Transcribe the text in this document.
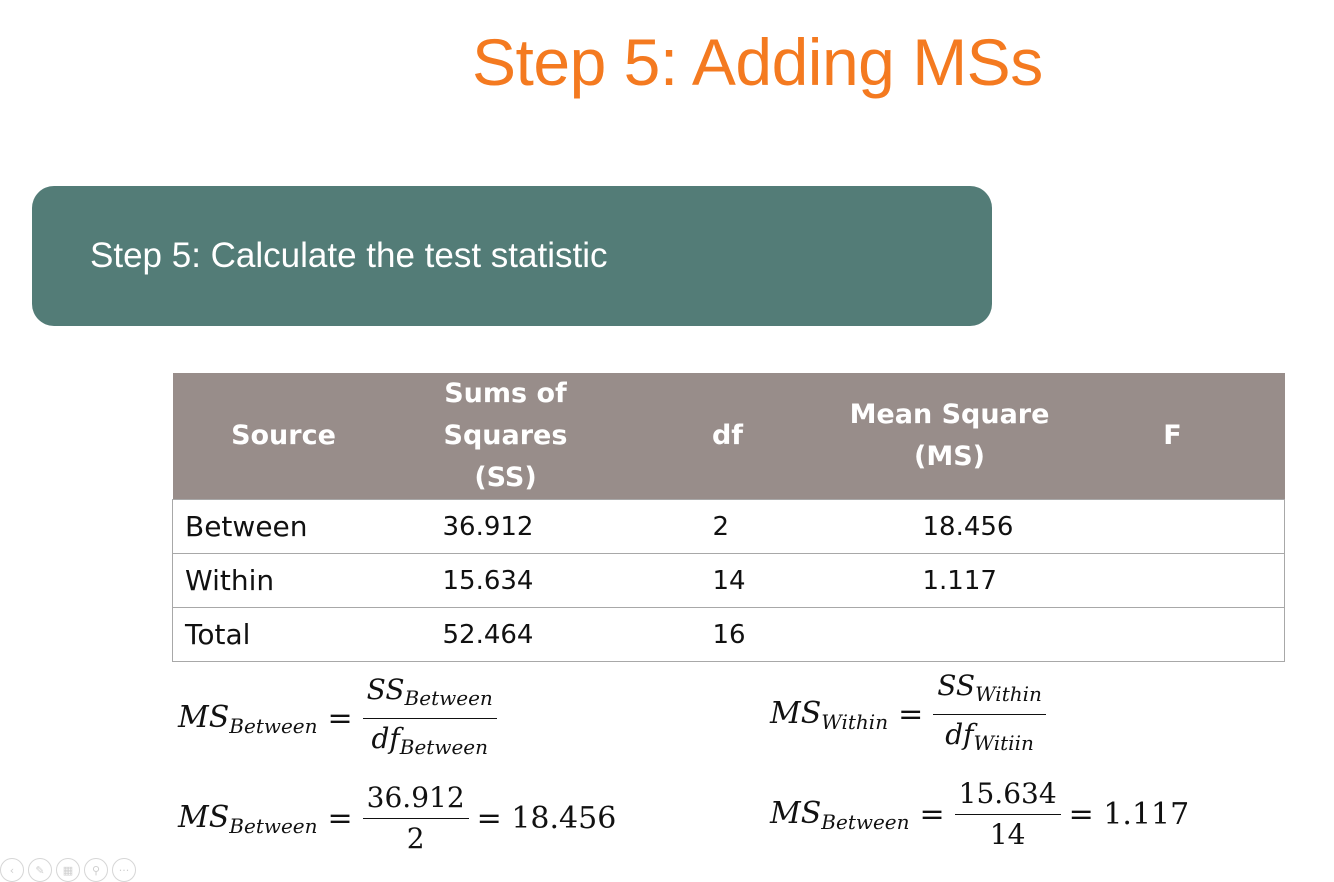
Step 5: Adding MSs
Step 5: Calculate the test statistic
Source	Sums of Squares (SS)	df	Mean Square (MS)	F
Between	36.912	2	18.456	
Within	15.634	14	1.117	
Total	52.464	16		
$MS_{Between} = \frac{SS_{Between}}{df_{Between}}$	$MS_{Within} = \frac{SS_{Within}}{df_{Witiin}}$
$MS_{Between} = \frac{36.912}{2} = 18.456$	$MS_{Between} = \frac{15.634}{14} = 1.117$
‹	✎	▦	⚲	···
